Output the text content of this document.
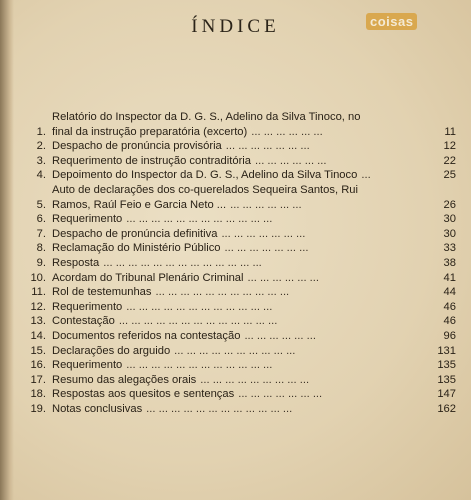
ÍNDICE	coisas
1.
Relatório do Inspector da D. G. S., Adelino da Silva Tinoco, no
final da instrução preparatória (excerto) ... ... ... ... ... ...	11
2. Despacho de pronúncia provisória ... ... ... ... ... ... ...	12
3. Requerimento de instrução contraditória ... ... ... ... ... ...	22
4. Depoimento do Inspector da D. G. S., Adelino da Silva Tinoco ...	25
5.
Auto de declarações dos co-querelados Sequeira Santos, Rui
Ramos, Raúl Feio e Garcia Neto ... ... ... ... ... ... ...	26
6. Requerimento ... ... ... ... ... ... ... ... ... ... ... ...	30
7. Despacho de pronúncia definitiva ... ... ... ... ... ... ...	30
8. Reclamação do Ministério Público ... ... ... ... ... ... ...	33
9. Resposta ... ... ... ... ... ... ... ... ... ... ... ... ...	38
10. Acordam do Tribunal Plenário Criminal ... ... ... ... ... ...	41
11. Rol de testemunhas ... ... ... ... ... ... ... ... ... ... ...	44
12. Requerimento ... ... ... ... ... ... ... ... ... ... ... ...	46
13. Contestação ... ... ... ... ... ... ... ... ... ... ... ... ...	46
14. Documentos referidos na contestação ... ... ... ... ... ...	96
15. Declarações do arguido ... ... ... ... ... ... ... ... ... ...	131
16. Requerimento ... ... ... ... ... ... ... ... ... ... ... ...	135
17. Resumo das alegações orais ... ... ... ... ... ... ... ... ...	135
18. Respostas aos quesitos e sentenças ... ... ... ... ... ... ...	147
19. Notas conclusivas ... ... ... ... ... ... ... ... ... ... ... ...	162
